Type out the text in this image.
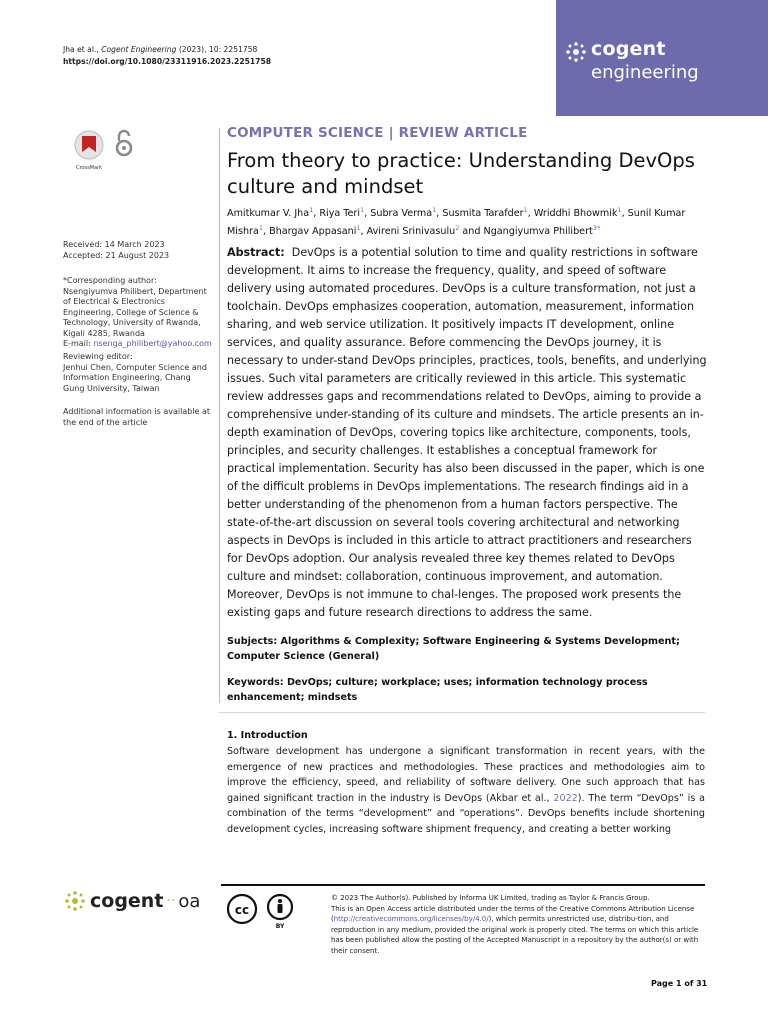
Jha et al., Cogent Engineering (2023), 10: 2251758
https://doi.org/10.1080/23311916.2023.2251758
cogent
engineering
CrossMark
COMPUTER SCIENCE | REVIEW ARTICLE
From theory to practice: Understanding DevOps culture and mindset
Amitkumar V. Jha$^1$, Riya Teri$^1$, Subra Verma$^1$, Susmita Tarafder$^1$, Wriddhi Bhowmik$^1$, Sunil Kumar Mishra$^1$, Bhargav Appasani$^1$, Avireni Srinivasulu$^2$ and Ngangiyumva Philibert$^{3*}$
Received: 14 March 2023
Accepted: 21 August 2023
*Corresponding author: Nsengiyumva Philibert, Department of Electrical & Electronics Engineering, College of Science & Technology, University of Rwanda, Kigali 4285, Rwanda
E-mail: nsenga_philibert@yahoo.com
Reviewing editor:
Jenhui Chen, Computer Science and Information Engineering, Chang Gung University, Taiwan
Additional information is available at the end of the article
Abstract: DevOps is a potential solution to time and quality restrictions in software development. It aims to increase the frequency, quality, and speed of software delivery using automated procedures. DevOps is a culture transformation, not just a toolchain. DevOps emphasizes cooperation, automation, measurement, information sharing, and web service utilization. It positively impacts IT development, online services, and quality assurance. Before commencing the DevOps journey, it is necessary to under-stand DevOps principles, practices, tools, benefits, and underlying issues. Such vital parameters are critically reviewed in this article. This systematic review addresses gaps and recommendations related to DevOps, aiming to provide a comprehensive under-standing of its culture and mindsets. The article presents an in-depth examination of DevOps, covering topics like architecture, components, tools, principles, and security challenges. It establishes a conceptual framework for practical implementation. Security has also been discussed in the paper, which is one of the difficult problems in DevOps implementations. The research findings aid in a better understanding of the phenomenon from a human factors perspective. The state-of-the-art discussion on several tools covering architectural and networking aspects in DevOps is included in this article to attract practitioners and researchers for DevOps adoption. Our analysis revealed three key themes related to DevOps culture and mindset: collaboration, continuous improvement, and automation. Moreover, DevOps is not immune to chal-lenges. The proposed work presents the existing gaps and future research directions to address the same.
Subjects: Algorithms & Complexity; Software Engineering & Systems Development; Computer Science (General)
Keywords: DevOps; culture; workplace; uses; information technology process enhancement; mindsets
1. Introduction
Software development has undergone a significant transformation in recent years, with the emergence of new practices and methodologies. These practices and methodologies aim to improve the efficiency, speed, and reliability of software delivery. One such approach that has gained significant traction in the industry is DevOps (Akbar et al., 2022). The term “DevOps” is a combination of the terms “development” and “operations”. DevOps benefits include shortening development cycles, increasing software shipment frequency, and creating a better working
cogent ·· oa	cc
BY
© 2023 The Author(s). Published by Informa UK Limited, trading as Taylor & Francis Group.
This is an Open Access article distributed under the terms of the Creative Commons Attribution License (http://creativecommons.org/licenses/by/4.0/), which permits unrestricted use, distribu-tion, and reproduction in any medium, provided the original work is properly cited. The terms on which this article has been published allow the posting of the Accepted Manuscript in a repository by the author(s) or with their consent.
Page 1 of 31
